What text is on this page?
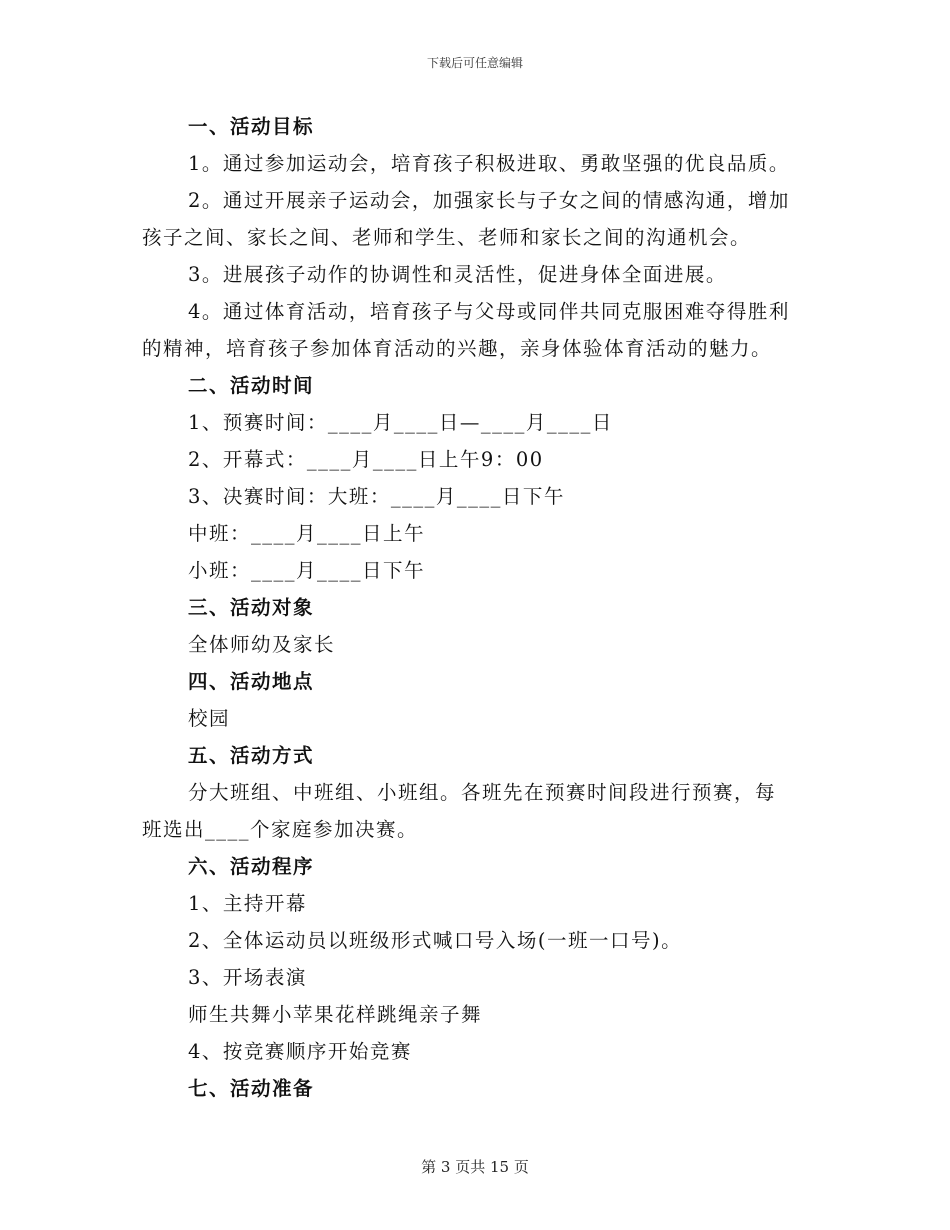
下载后可任意编辑
一、活动目标
1。通过参加运动会，培育孩子积极进取、勇敢坚强的优良品质。
2。通过开展亲子运动会，加强家长与子女之间的情感沟通，增加
孩子之间、家长之间、老师和学生、老师和家长之间的沟通机会。
3。进展孩子动作的协调性和灵活性，促进身体全面进展。
4。通过体育活动，培育孩子与父母或同伴共同克服困难夺得胜利
的精神，培育孩子参加体育活动的兴趣，亲身体验体育活动的魅力。
二、活动时间
1、预赛时间：____月____日—____月____日
2、开幕式：____月____日上午9：00
3、决赛时间：大班：____月____日下午
中班：____月____日上午
小班：____月____日下午
三、活动对象
全体师幼及家长
四、活动地点
校园
五、活动方式
分大班组、中班组、小班组。各班先在预赛时间段进行预赛，每
班选出____个家庭参加决赛。
六、活动程序
1、主持开幕
2、全体运动员以班级形式喊口号入场(一班一口号)。
3、开场表演
师生共舞小苹果花样跳绳亲子舞
4、按竞赛顺序开始竞赛
七、活动准备
第 3 页共 15 页
